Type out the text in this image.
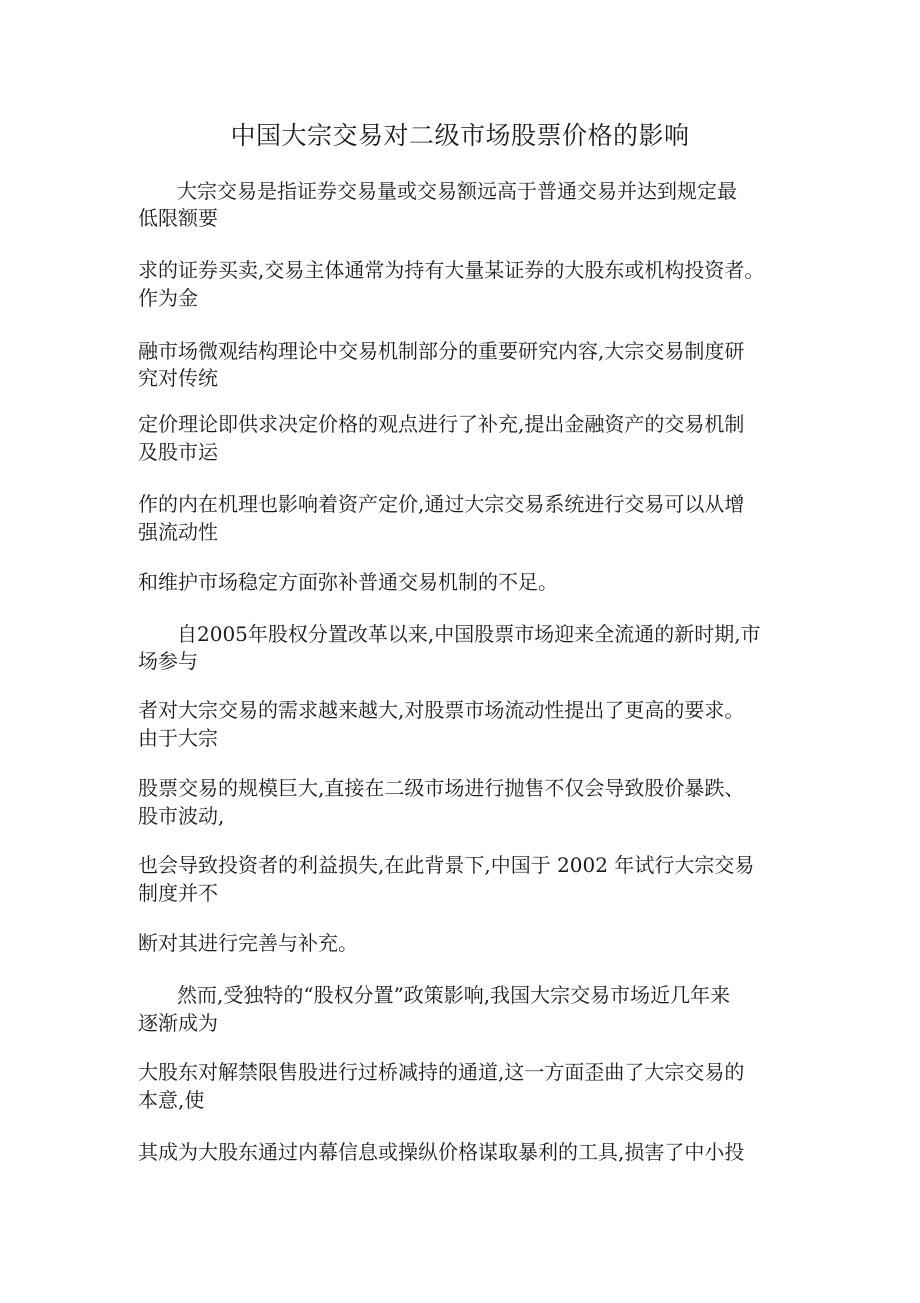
中国大宗交易对二级市场股票价格的影响
大宗交易是指证券交易量或交易额远高于普通交易并达到规定最
低限额要
求的证券买卖,交易主体通常为持有大量某证券的大股东或机构投资者。
作为金
融市场微观结构理论中交易机制部分的重要研究内容,大宗交易制度研
究对传统
定价理论即供求决定价格的观点进行了补充,提出金融资产的交易机制
及股市运
作的内在机理也影响着资产定价,通过大宗交易系统进行交易可以从增
强流动性
和维护市场稳定方面弥补普通交易机制的不足。
自2005年股权分置改革以来,中国股票市场迎来全流通的新时期,市
场参与
者对大宗交易的需求越来越大,对股票市场流动性提出了更高的要求。
由于大宗
股票交易的规模巨大,直接在二级市场进行抛售不仅会导致股价暴跌、
股市波动,
也会导致投资者的利益损失,在此背景下,中国于 2002 年试行大宗交易
制度并不
断对其进行完善与补充。
然而,受独特的“股权分置”政策影响,我国大宗交易市场近几年来
逐渐成为
大股东对解禁限售股进行过桥减持的通道,这一方面歪曲了大宗交易的
本意,使
其成为大股东通过内幕信息或操纵价格谋取暴利的工具,损害了中小投
